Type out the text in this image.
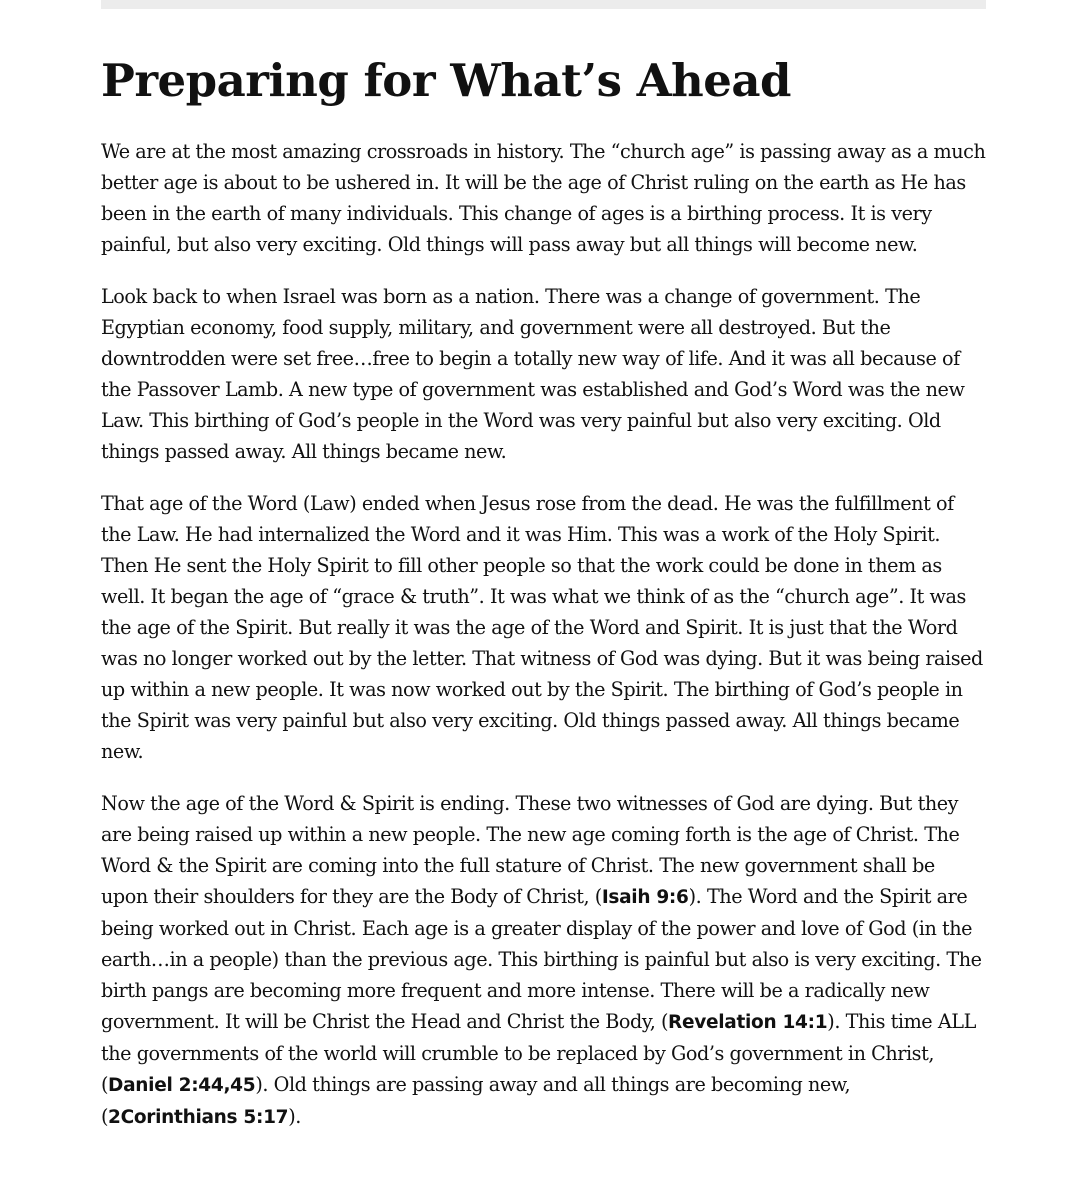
Preparing for What’s Ahead

We are at the most amazing crossroads in history. The “church age” is passing away as a much better age is about to be ushered in. It will be the age of Christ ruling on the earth as He has been in the earth of many individuals. This change of ages is a birthing process. It is very painful, but also very exciting. Old things will pass away but all things will become new.

Look back to when Israel was born as a nation. There was a change of government. The Egyptian economy, food supply, military, and government were all destroyed. But the downtrodden were set free…free to begin a totally new way of life. And it was all because of the Passover Lamb. A new type of government was established and God’s Word was the new Law. This birthing of God’s people in the Word was very painful but also very exciting. Old things passed away. All things became new.

That age of the Word (Law) ended when Jesus rose from the dead. He was the fulfillment of the Law. He had internalized the Word and it was Him. This was a work of the Holy Spirit. Then He sent the Holy Spirit to fill other people so that the work could be done in them as well. It began the age of “grace & truth”. It was what we think of as the “church age”. It was the age of the Spirit. But really it was the age of the Word and Spirit. It is just that the Word was no longer worked out by the letter. That witness of God was dying. But it was being raised up within a new people. It was now worked out by the Spirit. The birthing of God’s people in the Spirit was very painful but also very exciting. Old things passed away. All things became new.

Now the age of the Word & Spirit is ending. These two witnesses of God are dying. But they are being raised up within a new people. The new age coming forth is the age of Christ. The Word & the Spirit are coming into the full stature of Christ. The new government shall be upon their shoulders for they are the Body of Christ, (Isaih 9:6). The Word and the Spirit are being worked out in Christ. Each age is a greater display of the power and love of God (in the earth…in a people) than the previous age. This birthing is painful but also is very exciting. The birth pangs are becoming more frequent and more intense. There will be a radically new government. It will be Christ the Head and Christ the Body, (Revelation 14:1). This time ALL the governments of the world will crumble to be replaced by God’s government in Christ, (Daniel 2:44,45). Old things are passing away and all things are becoming new, (2Corinthians 5:17).
